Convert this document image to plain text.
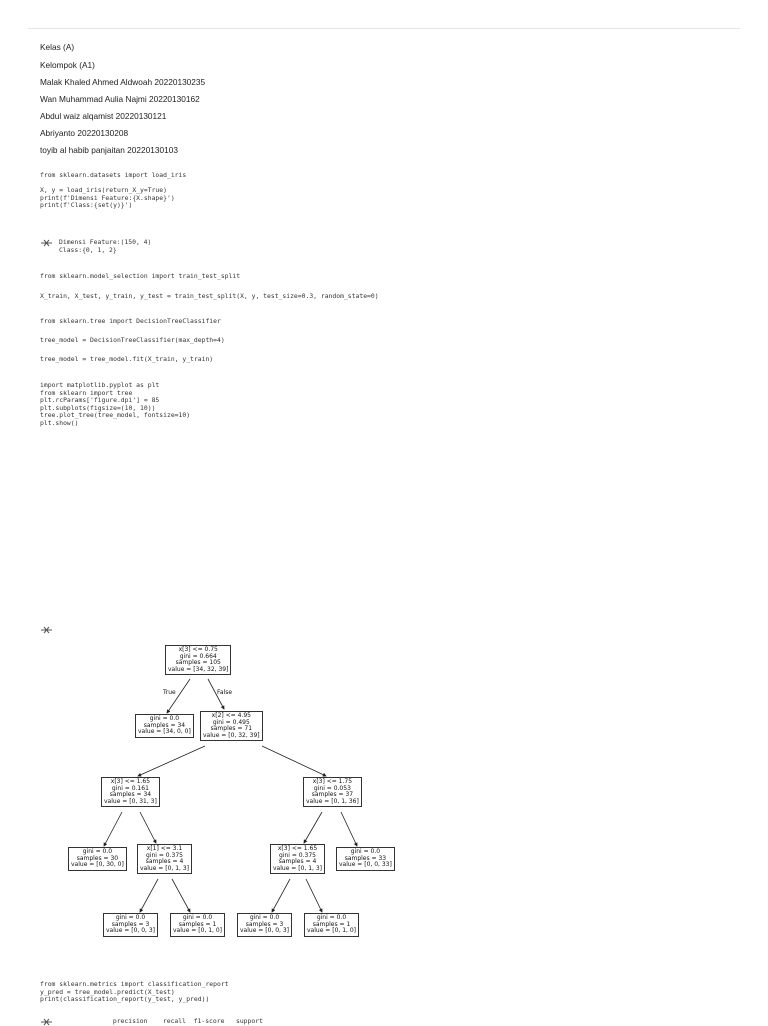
Kelas (A)
Kelompok (A1)
Malak Khaled Ahmed Aldwoah 20220130235
Wan Muhammad Aulia Najmi 20220130162
Abdul waiz alqamist 20220130121
Abriyanto 20220130208
toyib al habib panjaitan 20220130103
from sklearn.datasets import load_iris

X, y = load_iris(return_X_y=True)
print(f'Dimensi Feature:{X.shape}')
print(f'Class:{set(y)}')
Dimensi Feature:(150, 4)
Class:{0, 1, 2}
from sklearn.model_selection import train_test_split
X_train, X_test, y_train, y_test = train_test_split(X, y, test_size=0.3, random_state=0)
from sklearn.tree import DecisionTreeClassifier
tree_model = DecisionTreeClassifier(max_depth=4)
tree_model = tree_model.fit(X_train, y_train)
import matplotlib.pyplot as plt
from sklearn import tree
plt.rcParams['figure.dpi'] = 85
plt.subplots(figsize=(10, 10))
tree.plot_tree(tree_model, fontsize=10)
plt.show()
True	False
x[3] <= 0.75
gini = 0.664
samples = 105
value = [34, 32, 39]
gini = 0.0
samples = 34
value = [34, 0, 0]
x[2] <= 4.95
gini = 0.495
samples = 71
value = [0, 32, 39]
x[3] <= 1.65
gini = 0.161
samples = 34
value = [0, 31, 3]
x[3] <= 1.75
gini = 0.053
samples = 37
value = [0, 1, 36]
gini = 0.0
samples = 30
value = [0, 30, 0]
x[1] <= 3.1
gini = 0.375
samples = 4
value = [0, 1, 3]
x[3] <= 1.65
gini = 0.375
samples = 4
value = [0, 1, 3]
gini = 0.0
samples = 33
value = [0, 0, 33]
gini = 0.0
samples = 3
value = [0, 0, 3]
gini = 0.0
samples = 1
value = [0, 1, 0]
gini = 0.0
samples = 3
value = [0, 0, 3]
gini = 0.0
samples = 1
value = [0, 1, 0]
from sklearn.metrics import classification_report
y_pred = tree_model.predict(X_test)
print(classification_report(y_test, y_pred))
precision    recall  f1-score   support
